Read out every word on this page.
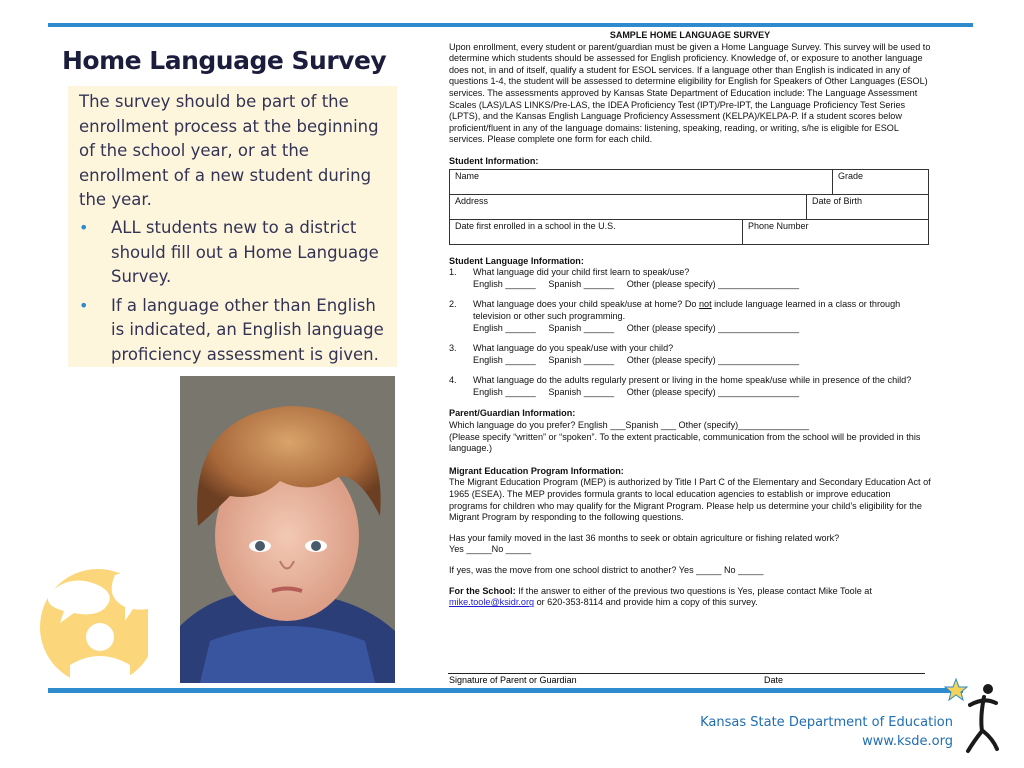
Home Language Survey

The survey should be part of the enrollment process at the beginning of the school year, or at the enrollment of a new student during the year.

• ALL students new to a district should fill out a Home Language Survey.
• If a language other than English is indicated, an English language proficiency assessment is given.
SAMPLE HOME LANGUAGE SURVEY

Upon enrollment, every student or parent/guardian must be given a Home Language Survey. This survey will be used to determine which students should be assessed for English proficiency. Knowledge of, or exposure to another language does not, in and of itself, qualify a student for ESOL services. If a language other than English is indicated in any of questions 1-4, the student will be assessed to determine eligibility for English for Speakers of Other Languages (ESOL) services. The assessments approved by Kansas State Department of Education include: The Language Assessment Scales (LAS)/LAS LINKS/Pre-LAS, the IDEA Proficiency Test (IPT)/Pre-IPT, the Language Proficiency Test Series (LPTS), and the Kansas English Language Proficiency Assessment (KELPA)/KELPA-P. If a student scores below proficient/fluent in any of the language domains: listening, speaking, reading, or writing, s/he is eligible for ESOL services. Please complete one form for each child.

Student Information:
Name	Grade
Address	Date of Birth
Date first enrolled in a school in the U.S.	Phone Number
Student Language Information:
1. What language did your child first learn to speak/use?
English ______     Spanish ______     Other (please specify) ________________
2. What language does your child speak/use at home? Do not include language learned in a class or through television or other such programming.
English ______     Spanish ______     Other (please specify) ________________
3. What language do you speak/use with your child?
English ______     Spanish ______     Other (please specify) ________________
4. What language do the adults regularly present or living in the home speak/use while in presence of the child?
English ______     Spanish ______     Other (please specify) ________________
Parent/Guardian Information:
Which language do you prefer? English ___Spanish ___ Other (specify)______________
(Please specify “written” or “spoken”. To the extent practicable, communication from the school will be provided in this language.)
Migrant Education Program Information:
The Migrant Education Program (MEP) is authorized by Title I Part C of the Elementary and Secondary Education Act of 1965 (ESEA). The MEP provides formula grants to local education agencies to establish or improve education programs for children who may qualify for the Migrant Program. Please help us determine your child’s eligibility for the Migrant Program by responding to the following questions.
Has your family moved in the last 36 months to seek or obtain agriculture or fishing related work?
Yes _____No _____
If yes, was the move from one school district to another? Yes _____ No _____
For the School: If the answer to either of the previous two questions is Yes, please contact Mike Toole at mike.toole@ksidr.org or 620-353-8114 and provide him a copy of this survey.
Signature of Parent or Guardian	Date
Kansas State Department of Education
www.ksde.org
